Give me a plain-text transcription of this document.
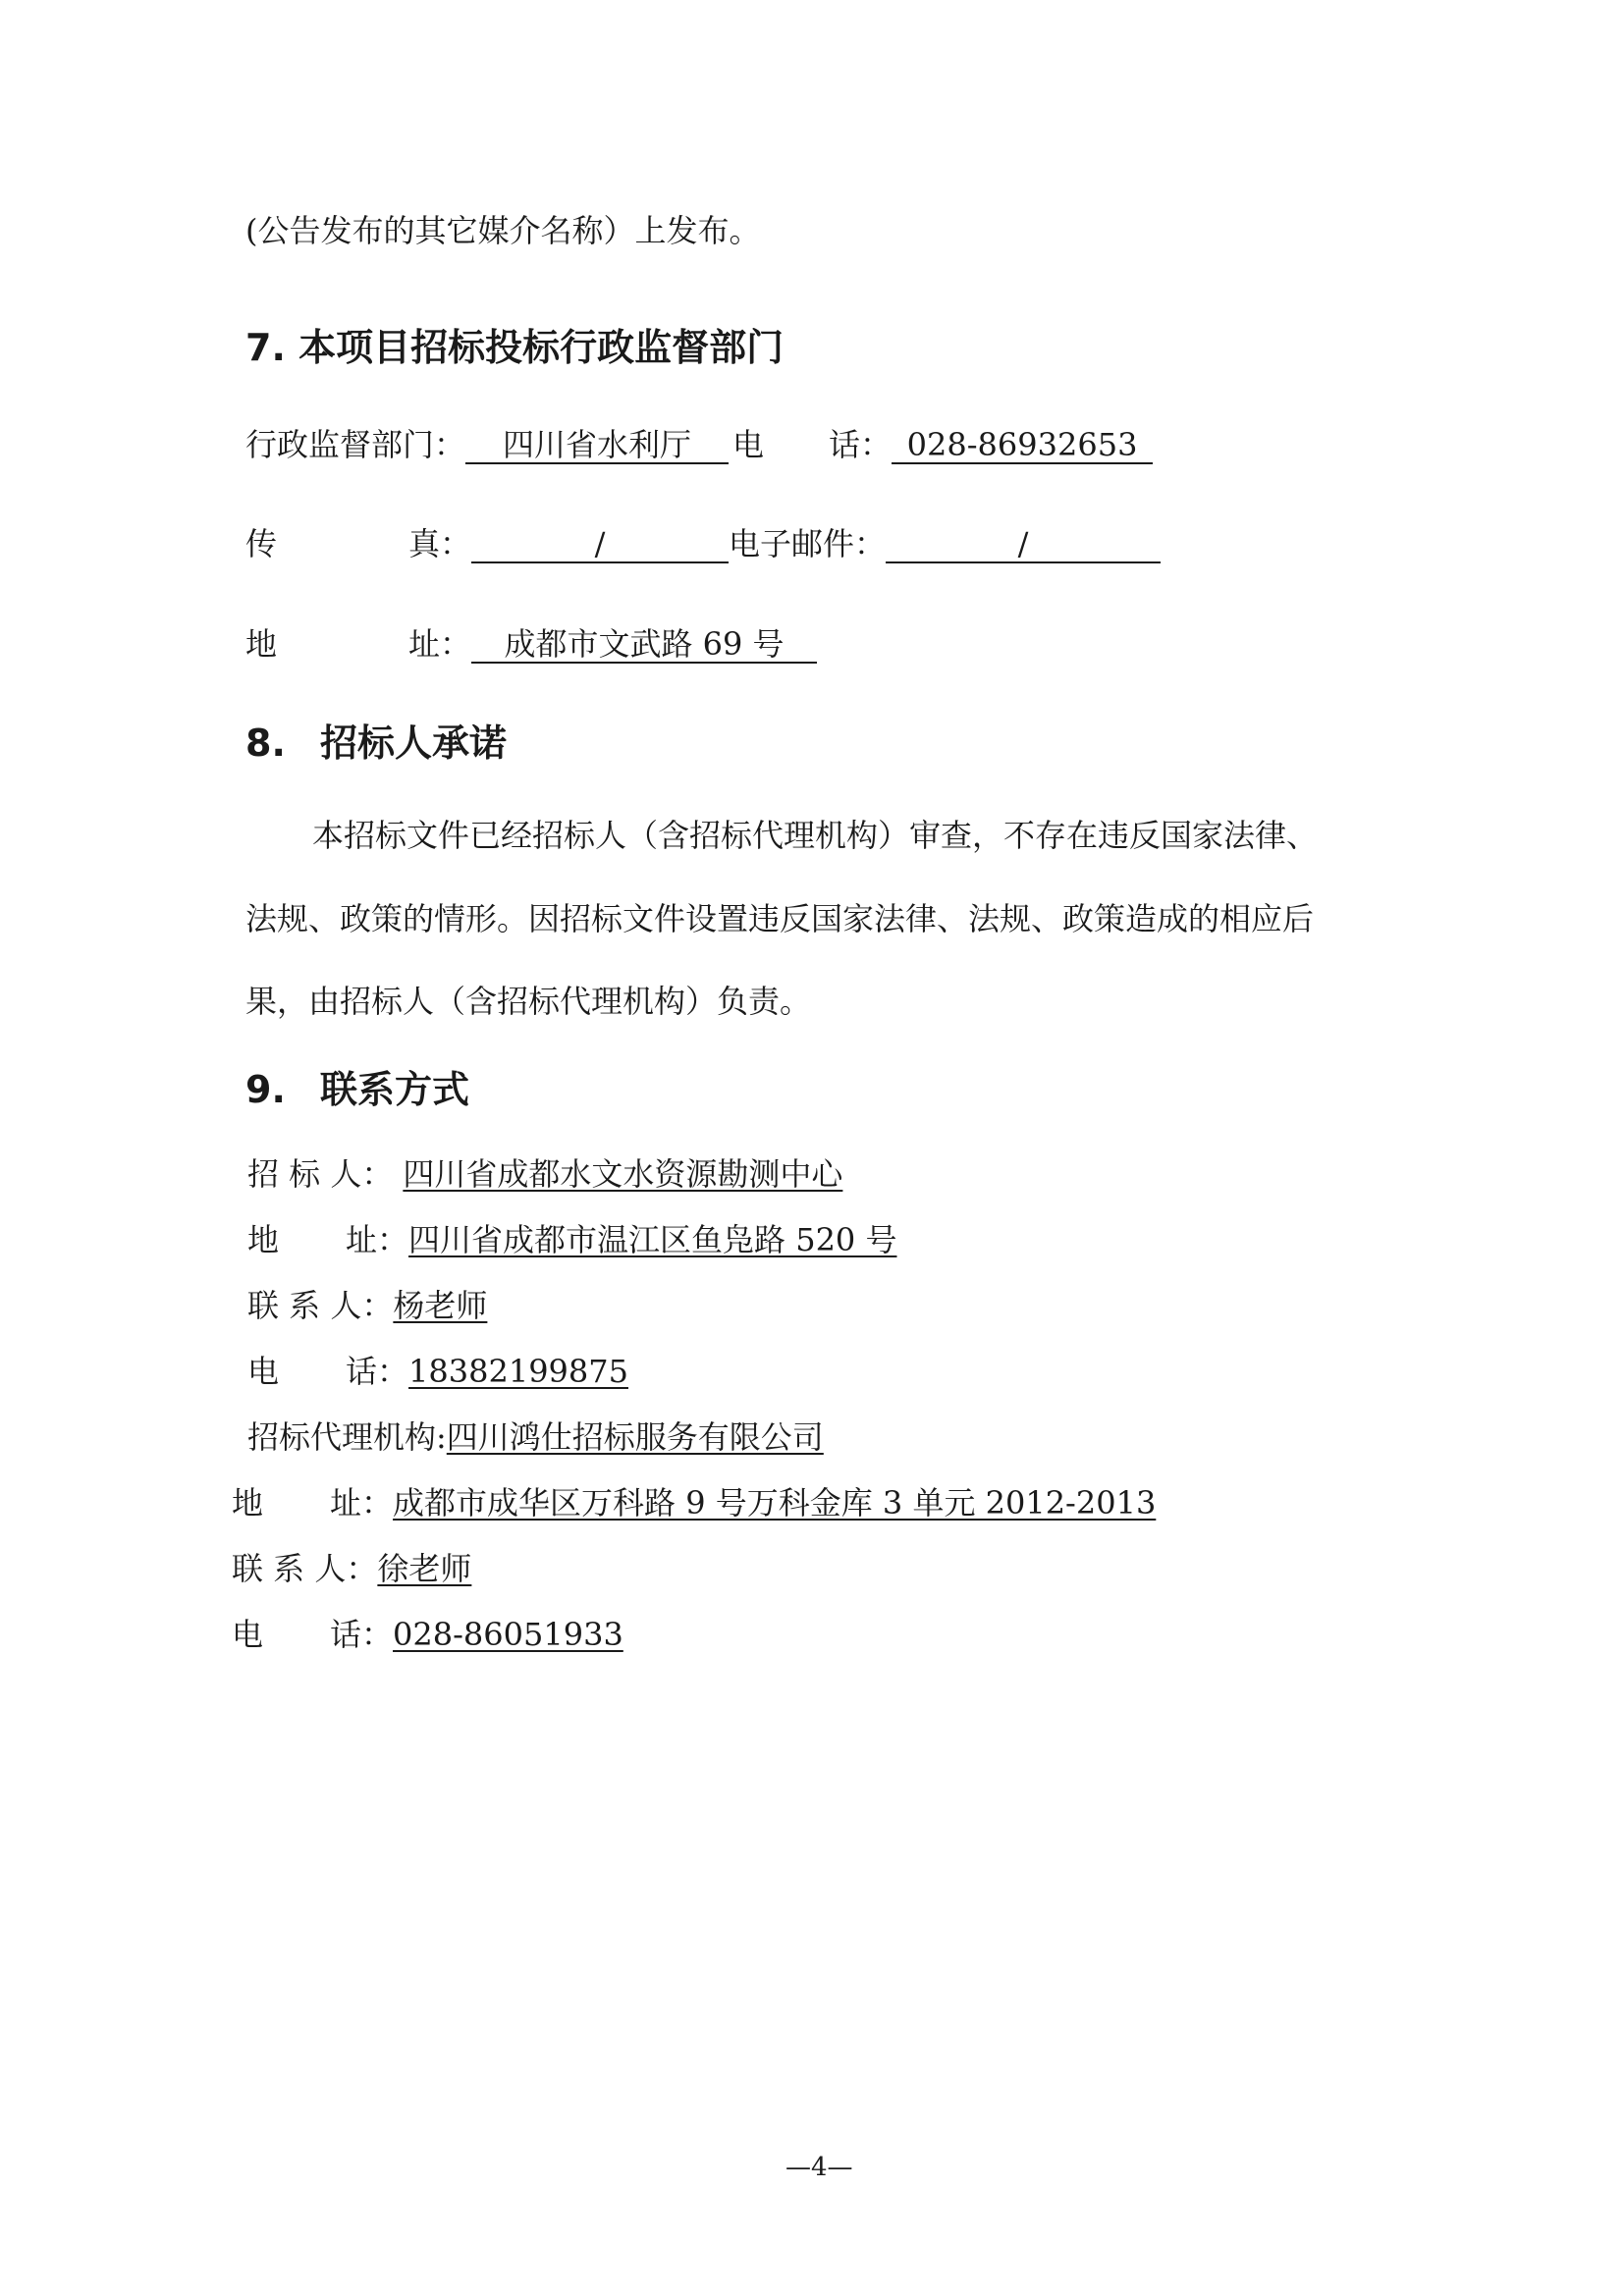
(公告发布的其它媒介名称）上发布。
7. 本项目招标投标行政监督部门
行政监督部门： 四川省水利厅 电 话： 028-86932653
传	真：	/	电子邮件：	/
地	址： 成都市文武路 69 号
8. 招标人承诺
本招标文件已经招标人（含招标代理机构）审查，不存在违反国家法律、
法规、政策的情形。因招标文件设置违反国家法律、法规、政策造成的相应后
果，由招标人（含招标代理机构）负责。
9. 联系方式
招 标 人： 四川省成都水文水资源勘测中心
地 址：四川省成都市温江区鱼凫路 520 号
联 系 人：杨老师
电 话：18382199875
招标代理机构:四川鸿仕招标服务有限公司
地 址：成都市成华区万科路 9 号万科金库 3 单元 2012-2013
联 系 人：徐老师
电 话：028-86051933
—4—
